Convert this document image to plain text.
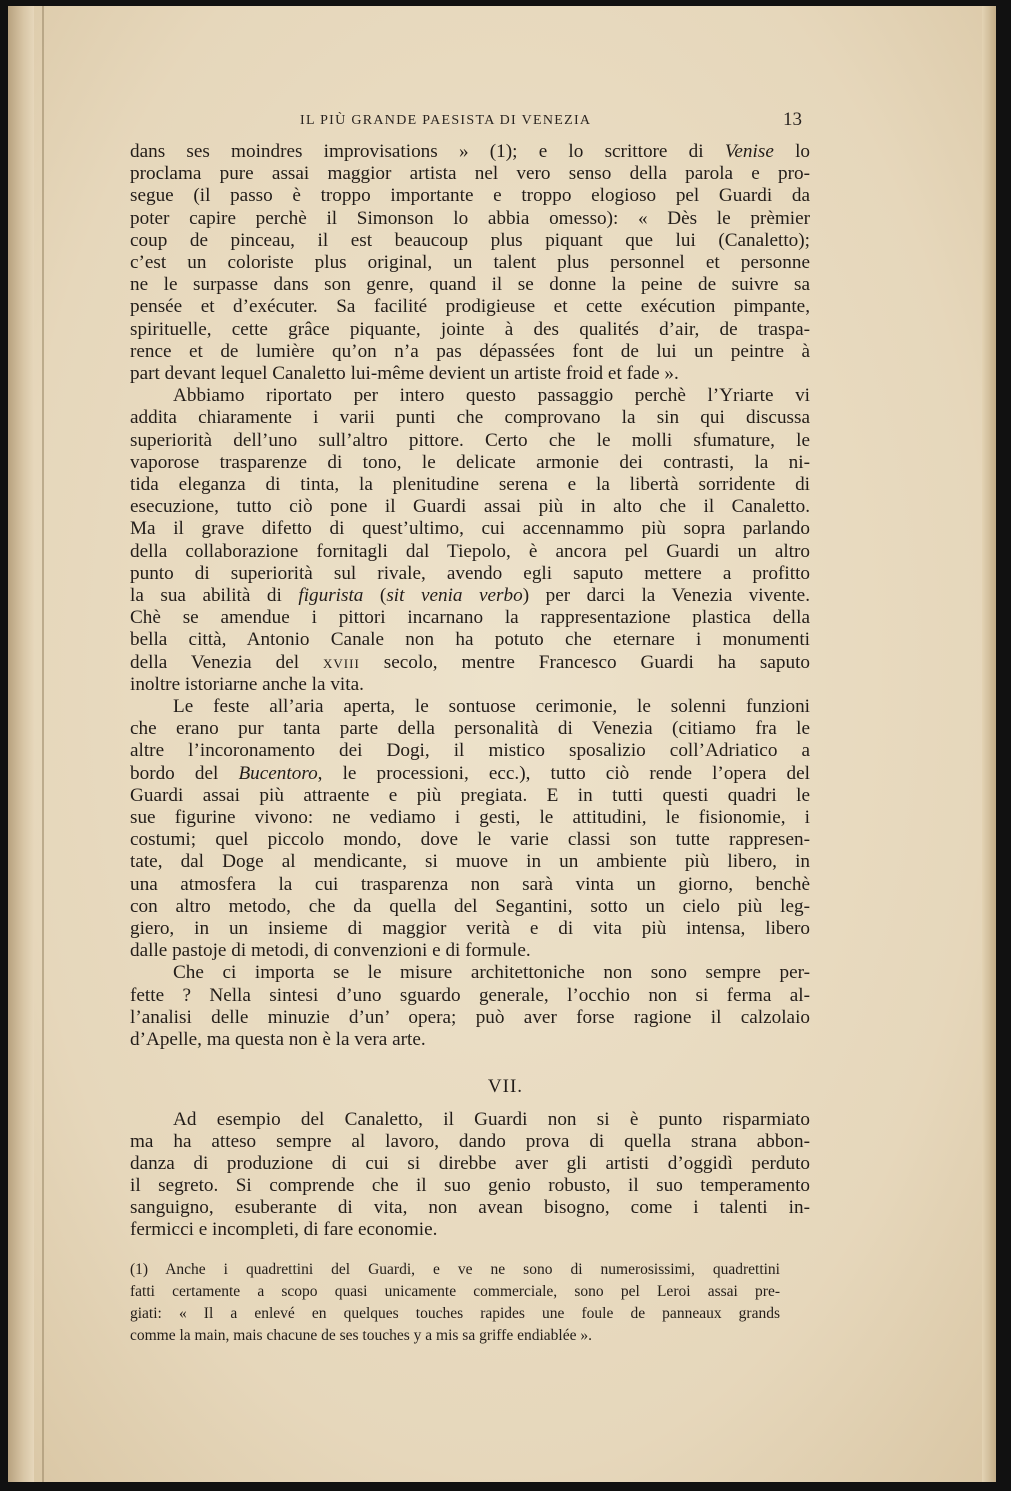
IL PIÙ GRANDE PAESISTA DI VENEZIA	13
dans ses moindres improvisations » (1); e lo scrittore di Venise lo
proclama pure assai maggior artista nel vero senso della parola e pro-
segue (il passo è troppo importante e troppo elogioso pel Guardi da
poter capire perchè il Simonson lo abbia omesso): « Dès le prèmier
coup de pinceau, il est beaucoup plus piquant que lui (Canaletto);
c’est un coloriste plus original, un talent plus personnel et personne
ne le surpasse dans son genre, quand il se donne la peine de suivre sa
pensée et d’exécuter. Sa facilité prodigieuse et cette exécution pimpante,
spirituelle, cette grâce piquante, jointe à des qualités d’air, de traspa-
rence et de lumière qu’on n’a pas dépassées font de lui un peintre à
part devant lequel Canaletto lui-même devient un artiste froid et fade ».
Abbiamo riportato per intero questo passaggio perchè l’Yriarte vi
addita chiaramente i varii punti che comprovano la sin qui discussa
superiorità dell’uno sull’altro pittore. Certo che le molli sfumature, le
vaporose trasparenze di tono, le delicate armonie dei contrasti, la ni-
tida eleganza di tinta, la plenitudine serena e la libertà sorridente di
esecuzione, tutto ciò pone il Guardi assai più in alto che il Canaletto.
Ma il grave difetto di quest’ultimo, cui accennammo più sopra parlando
della collaborazione fornitagli dal Tiepolo, è ancora pel Guardi un altro
punto di superiorità sul rivale, avendo egli saputo mettere a profitto
la sua abilità di figurista (sit venia verbo) per darci la Venezia vivente.
Chè se amendue i pittori incarnano la rappresentazione plastica della
bella città, Antonio Canale non ha potuto che eternare i monumenti
della Venezia del xviii secolo, mentre Francesco Guardi ha saputo
inoltre istoriarne anche la vita.
Le feste all’aria aperta, le sontuose cerimonie, le solenni funzioni
che erano pur tanta parte della personalità di Venezia (citiamo fra le
altre l’incoronamento dei Dogi, il mistico sposalizio coll’Adriatico a
bordo del Bucentoro, le processioni, ecc.), tutto ciò rende l’opera del
Guardi assai più attraente e più pregiata. E in tutti questi quadri le
sue figurine vivono: ne vediamo i gesti, le attitudini, le fisionomie, i
costumi; quel piccolo mondo, dove le varie classi son tutte rappresen-
tate, dal Doge al mendicante, si muove in un ambiente più libero, in
una atmosfera la cui trasparenza non sarà vinta un giorno, benchè
con altro metodo, che da quella del Segantini, sotto un cielo più leg-
giero, in un insieme di maggior verità e di vita più intensa, libero
dalle pastoje di metodi, di convenzioni e di formule.
Che ci importa se le misure architettoniche non sono sempre per-
fette ? Nella sintesi d’uno sguardo generale, l’occhio non si ferma al-
l’analisi delle minuzie d’un’ opera; può aver forse ragione il calzolaio
d’Apelle, ma questa non è la vera arte.
VII.
Ad esempio del Canaletto, il Guardi non si è punto risparmiato
ma ha atteso sempre al lavoro, dando prova di quella strana abbon-
danza di produzione di cui si direbbe aver gli artisti d’oggidì perduto
il segreto. Si comprende che il suo genio robusto, il suo temperamento
sanguigno, esuberante di vita, non avean bisogno, come i talenti in-
fermicci e incompleti, di fare economie.
(1) Anche i quadrettini del Guardi, e ve ne sono di numerosissimi, quadrettini
fatti certamente a scopo quasi unicamente commerciale, sono pel Leroi assai pre-
giati: « Il a enlevé en quelques touches rapides une foule de panneaux grands
comme la main, mais chacune de ses touches y a mis sa griffe endiablée ».
